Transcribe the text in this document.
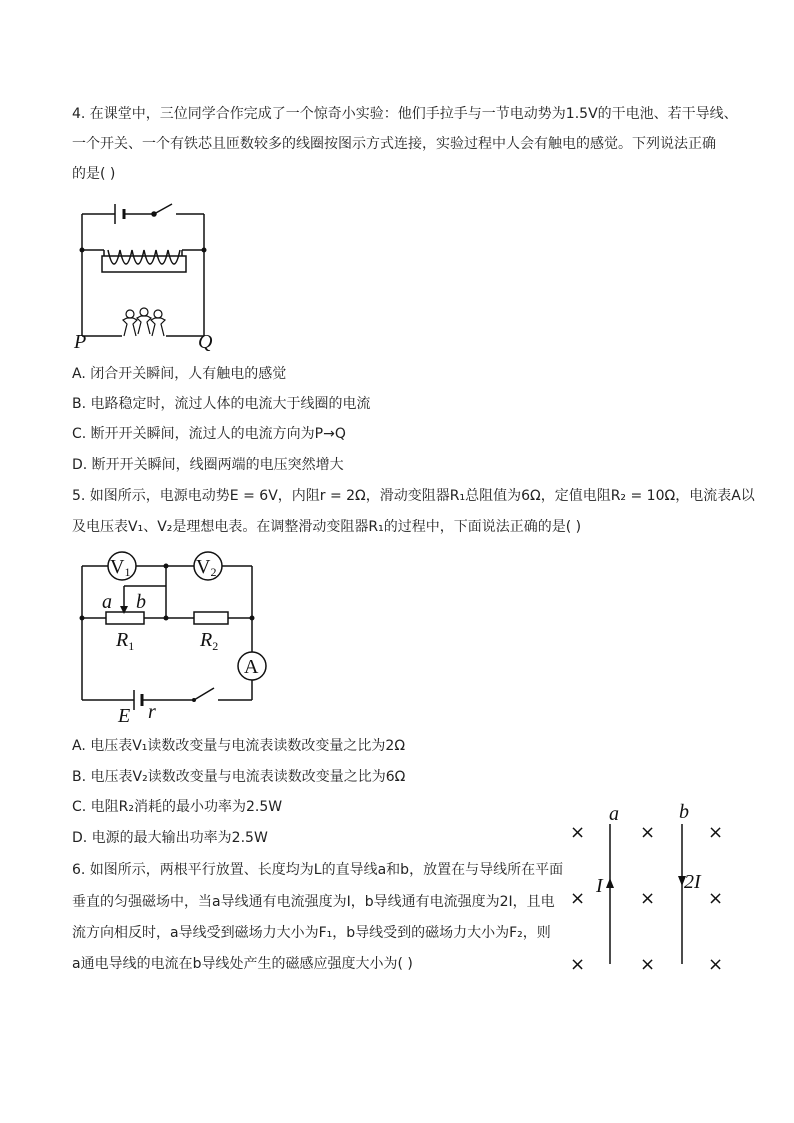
4. 在课堂中，三位同学合作完成了一个惊奇小实验：他们手拉手与一节电动势为1.5V的干电池、若干导线、
一个开关、一个有铁芯且匝数较多的线圈按图示方式连接，实验过程中人会有触电的感觉。下列说法正确
的是( )
P	Q
A. 闭合开关瞬间，人有触电的感觉
B. 电路稳定时，流过人体的电流大于线圈的电流
C. 断开开关瞬间，流过人的电流方向为P→Q
D. 断开开关瞬间，线圈两端的电压突然增大
5. 如图所示，电源电动势E = 6V，内阻r = 2Ω，滑动变阻器R₁总阻值为6Ω，定值电阻R₂ = 10Ω，电流表A以
及电压表V₁、V₂是理想电表。在调整滑动变阻器R₁的过程中，下面说法正确的是( )
V1	V2
A
a b
$R_1$	$R_2$
E r
A. 电压表V₁读数改变量与电流表读数改变量之比为2Ω
B. 电压表V₂读数改变量与电流表读数改变量之比为6Ω
C. 电阻R₂消耗的最小功率为2.5W
D. 电源的最大输出功率为2.5W
6. 如图所示，两根平行放置、长度均为L的直导线a和b，放置在与导线所在平面
垂直的匀强磁场中，当a导线通有电流强度为I，b导线通有电流强度为2I，且电
流方向相反时，a导线受到磁场力大小为F₁，b导线受到的磁场力大小为F₂，则
a通电导线的电流在b导线处产生的磁感应强度大小为( )
×	×	×
×	×	×
×	×	×
a	b
I	2I
